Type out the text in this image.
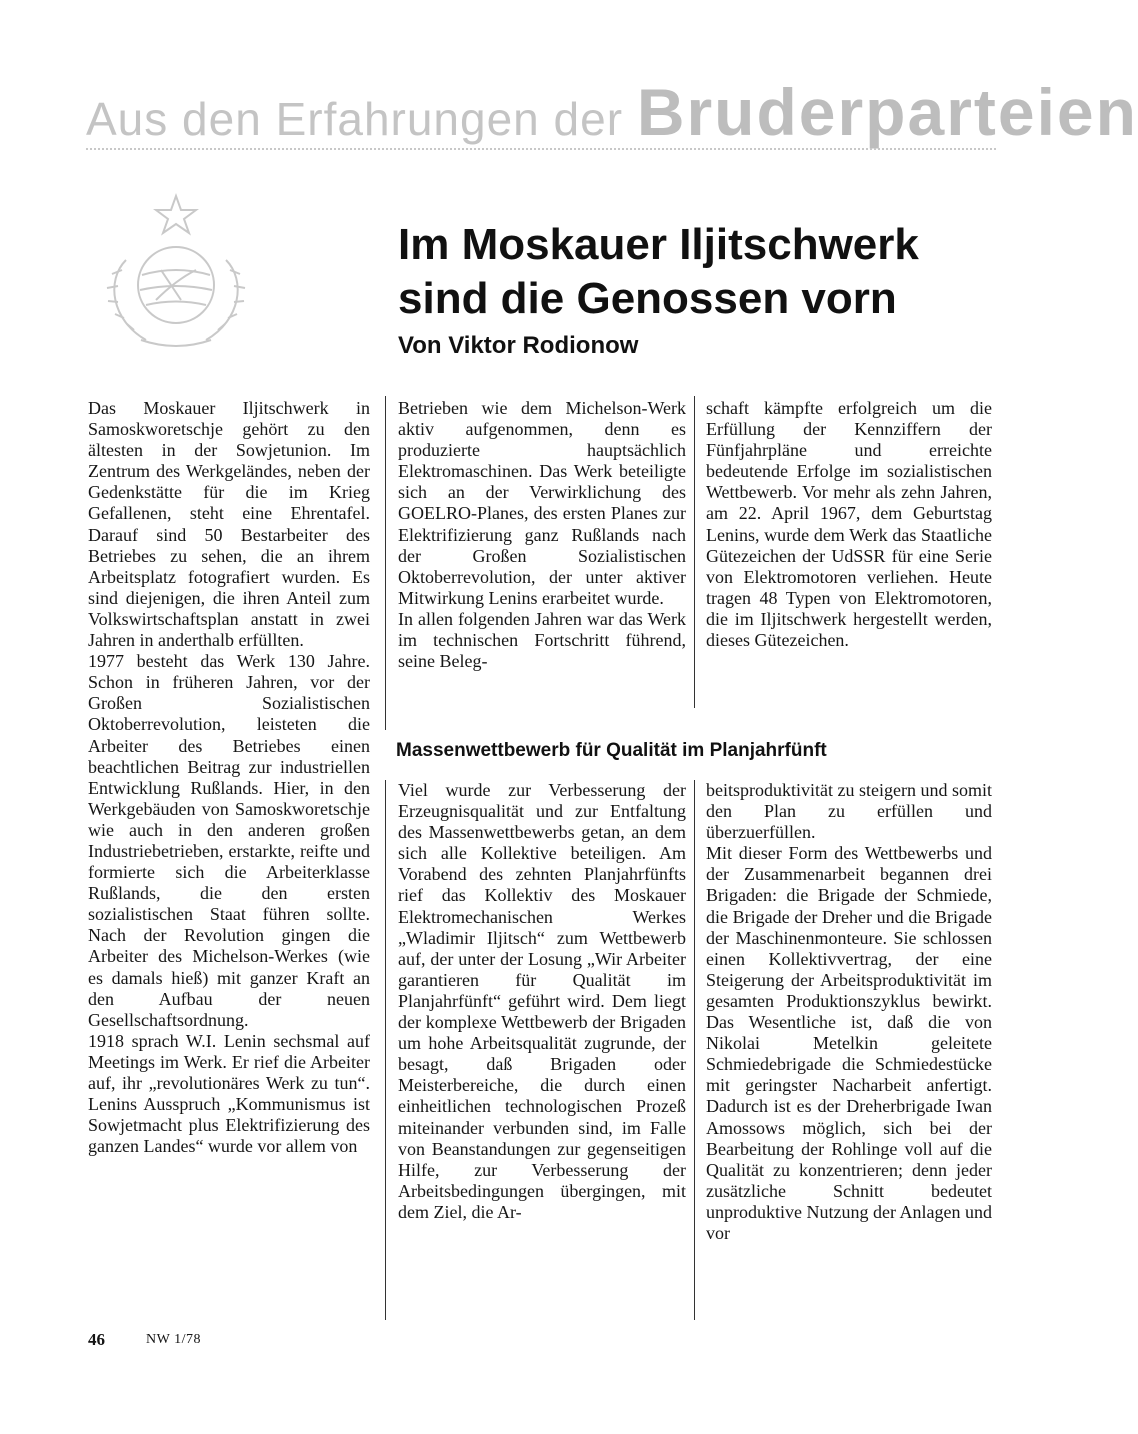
Aus den Erfahrungen der Bruderparteien
Im Moskauer Iljitschwerk
sind die Genossen vorn
Von Viktor Rodionow

Das Moskauer Iljitschwerk in Samoskworetschje gehört zu den ältesten in der Sowjetunion. Im Zentrum des Werkgeländes, neben der Gedenkstätte für die im Krieg Gefallenen, steht eine Ehrentafel. Darauf sind 50 Bestarbeiter des Betriebes zu sehen, die an ihrem Arbeitsplatz fotografiert wurden. Es sind diejenigen, die ihren Anteil zum Volkswirtschaftsplan anstatt in zwei Jahren in anderthalb erfüllten.

1977 besteht das Werk 130 Jahre. Schon in früheren Jahren, vor der Großen Sozialistischen Oktoberrevolution, leisteten die Arbeiter des Betriebes einen beachtlichen Beitrag zur industriellen Entwicklung Rußlands. Hier, in den Werkgebäuden von Samoskworetschje wie auch in den anderen großen Industriebetrieben, erstarkte, reifte und formierte sich die Arbeiterklasse Rußlands, die den ersten sozialistischen Staat führen sollte. Nach der Revolution gingen die Arbeiter des Michelson-Werkes (wie es damals hieß) mit ganzer Kraft an den Aufbau der neuen Gesellschaftsordnung.

1918 sprach W.I. Lenin sechsmal auf Meetings im Werk. Er rief die Arbeiter auf, ihr „revolutionäres Werk zu tun“. Lenins Ausspruch „Kommunismus ist Sowjetmacht plus Elektrifizierung des ganzen Landes“ wurde vor allem von

Betrieben wie dem Michelson-Werk aktiv aufgenommen, denn es produzierte hauptsächlich Elektromaschinen. Das Werk beteiligte sich an der Verwirklichung des GOELRO-Planes, des ersten Planes zur Elektrifizierung ganz Rußlands nach der Großen Sozialistischen Oktoberrevolution, der unter aktiver Mitwirkung Lenins erarbeitet wurde.

In allen folgenden Jahren war das Werk im technischen Fortschritt führend, seine Beleg-

schaft kämpfte erfolgreich um die Erfüllung der Kennziffern der Fünfjahrpläne und erreichte bedeutende Erfolge im sozialistischen Wettbewerb. Vor mehr als zehn Jahren, am 22. April 1967, dem Geburtstag Lenins, wurde dem Werk das Staatliche Gütezeichen der UdSSR für eine Serie von Elektromotoren verliehen. Heute tragen 48 Typen von Elektromotoren, die im Iljitschwerk hergestellt werden, dieses Gütezeichen.

Massenwettbewerb für Qualität im Planjahrfünft

Viel wurde zur Verbesserung der Erzeugnisqualität und zur Entfaltung des Massenwettbewerbs getan, an dem sich alle Kollektive beteiligen. Am Vorabend des zehnten Planjahrfünfts rief das Kollektiv des Moskauer Elektromechanischen Werkes „Wladimir Iljitsch“ zum Wettbewerb auf, der unter der Losung „Wir Arbeiter garantieren für Qualität im Planjahrfünft“ geführt wird. Dem liegt der komplexe Wettbewerb der Brigaden um hohe Arbeitsqualität zugrunde, der besagt, daß Brigaden oder Meisterbereiche, die durch einen einheitlichen technologischen Prozeß miteinander verbunden sind, im Falle von Beanstandungen zur gegenseitigen Hilfe, zur Verbesserung der Arbeitsbedingungen übergingen, mit dem Ziel, die Ar-

beitsproduktivität zu steigern und somit den Plan zu erfüllen und überzuerfüllen.

Mit dieser Form des Wettbewerbs und der Zusammenarbeit begannen drei Brigaden: die Brigade der Schmiede, die Brigade der Dreher und die Brigade der Maschinenmonteure. Sie schlossen einen Kollektivvertrag, der eine Steigerung der Arbeitsproduktivität im gesamten Produktionszyklus bewirkt. Das Wesentliche ist, daß die von Nikolai Metelkin geleitete Schmiedebrigade die Schmiedestücke mit geringster Nacharbeit anfertigt. Dadurch ist es der Dreherbrigade Iwan Amossows möglich, sich bei der Bearbeitung der Rohlinge voll auf die Qualität zu konzentrieren; denn jeder zusätzliche Schnitt bedeutet unproduktive Nutzung der Anlagen und vor

46	NW 1/78
